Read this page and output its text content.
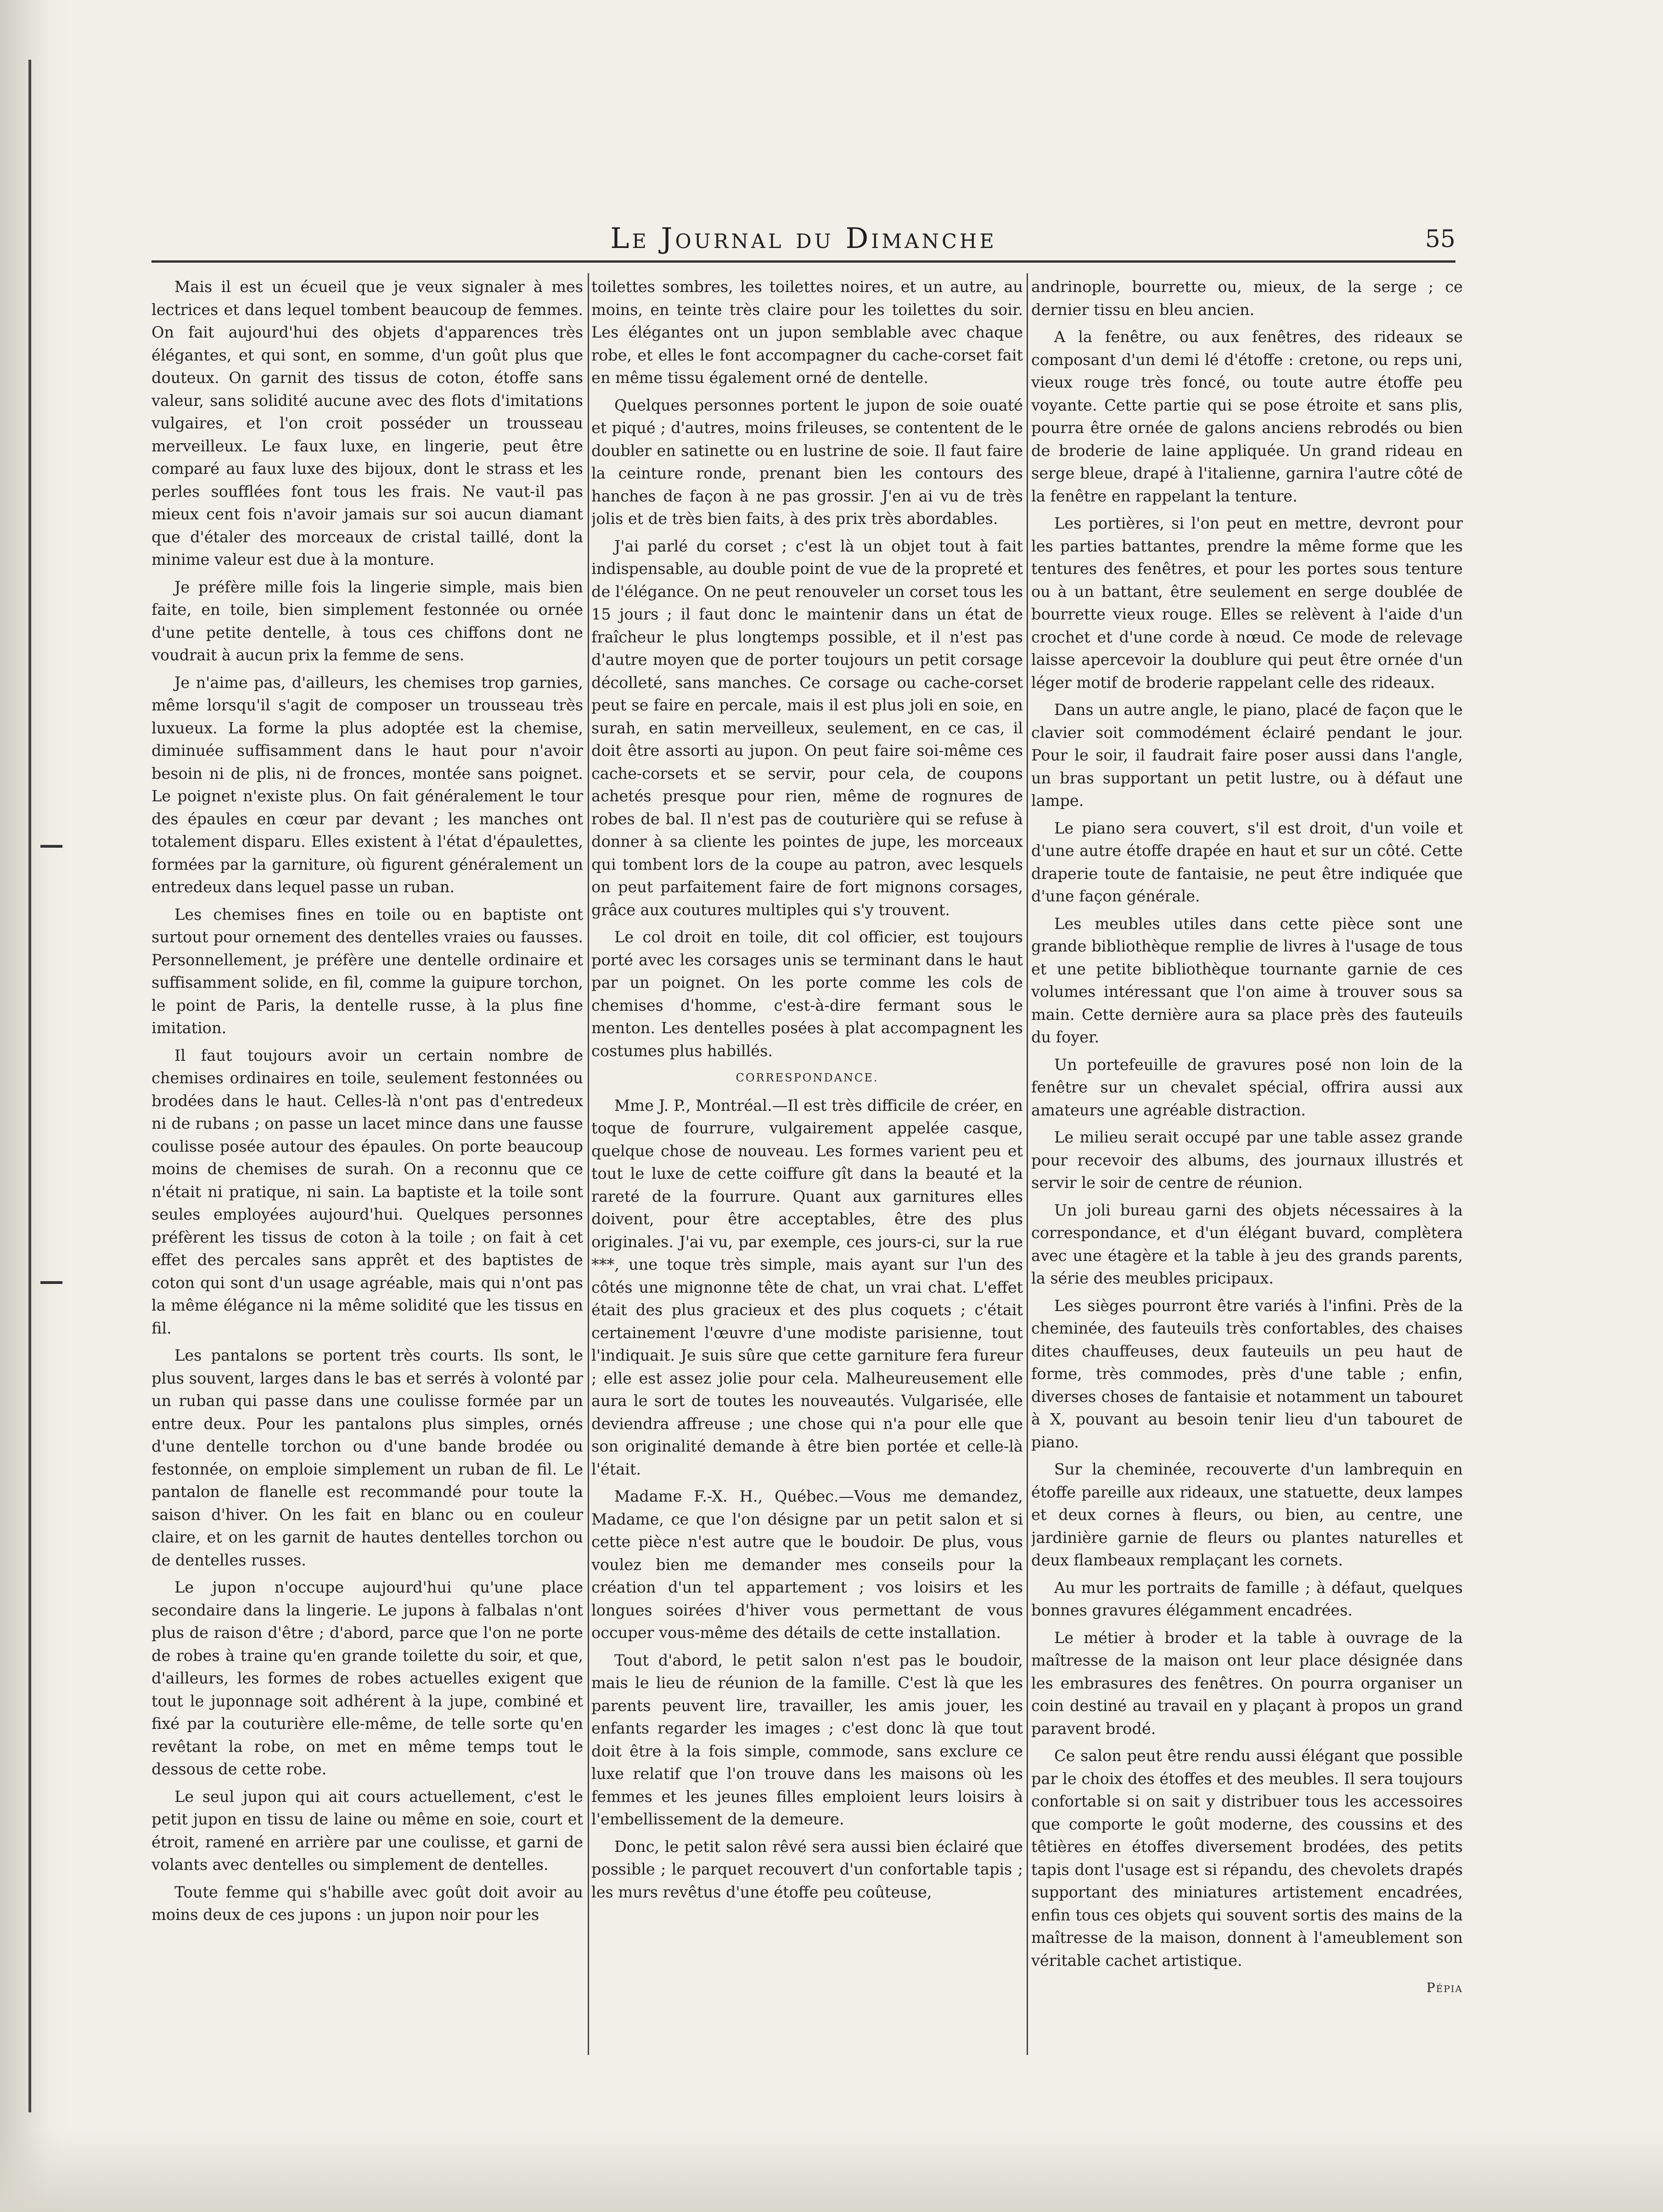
Le Journal du Dimanche	55

Mais il est un écueil que je veux signaler à mes lectrices et dans lequel tombent beaucoup de femmes. On fait aujourd'hui des objets d'apparences très élégantes, et qui sont, en somme, d'un goût plus que douteux. On garnit des tissus de coton, étoffe sans valeur, sans solidité aucune avec des flots d'imitations vulgaires, et l'on croit posséder un trousseau merveilleux. Le faux luxe, en lingerie, peut être comparé au faux luxe des bijoux, dont le strass et les perles soufflées font tous les frais. Ne vaut-il pas mieux cent fois n'avoir jamais sur soi aucun diamant que d'étaler des morceaux de cristal taillé, dont la minime valeur est due à la monture.

Je préfère mille fois la lingerie simple, mais bien faite, en toile, bien simplement festonnée ou ornée d'une petite dentelle, à tous ces chiffons dont ne voudrait à aucun prix la femme de sens.

Je n'aime pas, d'ailleurs, les chemises trop garnies, même lorsqu'il s'agit de composer un trousseau très luxueux. La forme la plus adoptée est la chemise, diminuée suffisamment dans le haut pour n'avoir besoin ni de plis, ni de fronces, montée sans poignet. Le poignet n'existe plus. On fait généralement le tour des épaules en cœur par devant ; les manches ont totalement disparu. Elles existent à l'état d'épaulettes, formées par la garniture, où figurent généralement un entredeux dans lequel passe un ruban.

Les chemises fines en toile ou en baptiste ont surtout pour ornement des dentelles vraies ou fausses. Personnellement, je préfère une dentelle ordinaire et suffisamment solide, en fil, comme la guipure torchon, le point de Paris, la dentelle russe, à la plus fine imitation.

Il faut toujours avoir un certain nombre de chemises ordinaires en toile, seulement festonnées ou brodées dans le haut. Celles-là n'ont pas d'entredeux ni de rubans ; on passe un lacet mince dans une fausse coulisse posée autour des épaules. On porte beaucoup moins de chemises de surah. On a reconnu que ce n'était ni pratique, ni sain. La baptiste et la toile sont seules employées aujourd'hui. Quelques personnes préfèrent les tissus de coton à la toile ; on fait à cet effet des percales sans apprêt et des baptistes de coton qui sont d'un usage agréable, mais qui n'ont pas la même élégance ni la même solidité que les tissus en fil.

Les pantalons se portent très courts. Ils sont, le plus souvent, larges dans le bas et serrés à volonté par un ruban qui passe dans une coulisse formée par un entre deux. Pour les pantalons plus simples, ornés d'une dentelle torchon ou d'une bande brodée ou festonnée, on emploie simplement un ruban de fil. Le pantalon de flanelle est recommandé pour toute la saison d'hiver. On les fait en blanc ou en couleur claire, et on les garnit de hautes dentelles torchon ou de dentelles russes.

Le jupon n'occupe aujourd'hui qu'une place secondaire dans la lingerie. Le jupons à falbalas n'ont plus de raison d'être ; d'abord, parce que l'on ne porte de robes à traine qu'en grande toilette du soir, et que, d'ailleurs, les formes de robes actuelles exigent que tout le juponnage soit adhérent à la jupe, combiné et fixé par la couturière elle-même, de telle sorte qu'en revêtant la robe, on met en même temps tout le dessous de cette robe.

Le seul jupon qui ait cours actuellement, c'est le petit jupon en tissu de laine ou même en soie, court et étroit, ramené en arrière par une coulisse, et garni de volants avec dentelles ou simplement de dentelles.

Toute femme qui s'habille avec goût doit avoir au moins deux de ces jupons : un jupon noir pour les

toilettes sombres, les toilettes noires, et un autre, au moins, en teinte très claire pour les toilettes du soir. Les élégantes ont un jupon semblable avec chaque robe, et elles le font accompagner du cache-corset fait en même tissu également orné de dentelle.

Quelques personnes portent le jupon de soie ouaté et piqué ; d'autres, moins frileuses, se contentent de le doubler en satinette ou en lustrine de soie. Il faut faire la ceinture ronde, prenant bien les contours des hanches de façon à ne pas grossir. J'en ai vu de très jolis et de très bien faits, à des prix très abordables.

J'ai parlé du corset ; c'est là un objet tout à fait indispensable, au double point de vue de la propreté et de l'élégance. On ne peut renouveler un corset tous les 15 jours ; il faut donc le maintenir dans un état de fraîcheur le plus longtemps possible, et il n'est pas d'autre moyen que de porter toujours un petit corsage décolleté, sans manches. Ce corsage ou cache-corset peut se faire en percale, mais il est plus joli en soie, en surah, en satin merveilleux, seulement, en ce cas, il doit être assorti au jupon. On peut faire soi-même ces cache-corsets et se servir, pour cela, de coupons achetés presque pour rien, même de rognures de robes de bal. Il n'est pas de couturière qui se refuse à donner à sa cliente les pointes de jupe, les morceaux qui tombent lors de la coupe au patron, avec lesquels on peut parfaitement faire de fort mignons corsages, grâce aux coutures multiples qui s'y trouvent.

Le col droit en toile, dit col officier, est toujours porté avec les corsages unis se terminant dans le haut par un poignet. On les porte comme les cols de chemises d'homme, c'est-à-dire fermant sous le menton. Les dentelles posées à plat accompagnent les costumes plus habillés.

CORRESPONDANCE.

Mme J. P., Montréal.—Il est très difficile de créer, en toque de fourrure, vulgairement appelée casque, quelque chose de nouveau. Les formes varient peu et tout le luxe de cette coiffure gît dans la beauté et la rareté de la fourrure. Quant aux garnitures elles doivent, pour être acceptables, être des plus originales. J'ai vu, par exemple, ces jours-ci, sur la rue ***, une toque très simple, mais ayant sur l'un des côtés une mignonne tête de chat, un vrai chat. L'effet était des plus gracieux et des plus coquets ; c'était certainement l'œuvre d'une modiste parisienne, tout l'indiquait. Je suis sûre que cette garniture fera fureur ; elle est assez jolie pour cela. Malheureusement elle aura le sort de toutes les nouveautés. Vulgarisée, elle deviendra affreuse ; une chose qui n'a pour elle que son originalité demande à être bien portée et celle-là l'était.

Madame F.-X. H., Québec.—Vous me demandez, Madame, ce que l'on désigne par un petit salon et si cette pièce n'est autre que le boudoir. De plus, vous voulez bien me demander mes conseils pour la création d'un tel appartement ; vos loisirs et les longues soirées d'hiver vous permettant de vous occuper vous-même des détails de cette installation.

Tout d'abord, le petit salon n'est pas le boudoir, mais le lieu de réunion de la famille. C'est là que les parents peuvent lire, travailler, les amis jouer, les enfants regarder les images ; c'est donc là que tout doit être à la fois simple, commode, sans exclure ce luxe relatif que l'on trouve dans les maisons où les femmes et les jeunes filles emploient leurs loisirs à l'embellissement de la demeure.

Donc, le petit salon rêvé sera aussi bien éclairé que possible ; le parquet recouvert d'un confortable tapis ; les murs revêtus d'une étoffe peu coûteuse,

andrinople, bourrette ou, mieux, de la serge ; ce dernier tissu en bleu ancien.

A la fenêtre, ou aux fenêtres, des rideaux se composant d'un demi lé d'étoffe : cretone, ou reps uni, vieux rouge très foncé, ou toute autre étoffe peu voyante. Cette partie qui se pose étroite et sans plis, pourra être ornée de galons anciens rebrodés ou bien de broderie de laine appliquée. Un grand rideau en serge bleue, drapé à l'italienne, garnira l'autre côté de la fenêtre en rappelant la tenture.

Les portières, si l'on peut en mettre, devront pour les parties battantes, prendre la même forme que les tentures des fenêtres, et pour les portes sous tenture ou à un battant, être seulement en serge doublée de bourrette vieux rouge. Elles se relèvent à l'aide d'un crochet et d'une corde à nœud. Ce mode de relevage laisse apercevoir la doublure qui peut être ornée d'un léger motif de broderie rappelant celle des rideaux.

Dans un autre angle, le piano, placé de façon que le clavier soit commodément éclairé pendant le jour. Pour le soir, il faudrait faire poser aussi dans l'angle, un bras supportant un petit lustre, ou à défaut une lampe.

Le piano sera couvert, s'il est droit, d'un voile et d'une autre étoffe drapée en haut et sur un côté. Cette draperie toute de fantaisie, ne peut être indiquée que d'une façon générale.

Les meubles utiles dans cette pièce sont une grande bibliothèque remplie de livres à l'usage de tous et une petite bibliothèque tournante garnie de ces volumes intéressant que l'on aime à trouver sous sa main. Cette dernière aura sa place près des fauteuils du foyer.

Un portefeuille de gravures posé non loin de la fenêtre sur un chevalet spécial, offrira aussi aux amateurs une agréable distraction.

Le milieu serait occupé par une table assez grande pour recevoir des albums, des journaux illustrés et servir le soir de centre de réunion.

Un joli bureau garni des objets nécessaires à la correspondance, et d'un élégant buvard, complètera avec une étagère et la table à jeu des grands parents, la série des meubles pricipaux.

Les sièges pourront être variés à l'infini. Près de la cheminée, des fauteuils très confortables, des chaises dites chauffeuses, deux fauteuils un peu haut de forme, très commodes, près d'une table ; enfin, diverses choses de fantaisie et notamment un tabouret à X, pouvant au besoin tenir lieu d'un tabouret de piano.

Sur la cheminée, recouverte d'un lambrequin en étoffe pareille aux rideaux, une statuette, deux lampes et deux cornes à fleurs, ou bien, au centre, une jardinière garnie de fleurs ou plantes naturelles et deux flambeaux remplaçant les cornets.

Au mur les portraits de famille ; à défaut, quelques bonnes gravures élégamment encadrées.

Le métier à broder et la table à ouvrage de la maîtresse de la maison ont leur place désignée dans les embrasures des fenêtres. On pourra organiser un coin destiné au travail en y plaçant à propos un grand paravent brodé.

Ce salon peut être rendu aussi élégant que possible par le choix des étoffes et des meubles. Il sera toujours confortable si on sait y distribuer tous les accessoires que comporte le goût moderne, des coussins et des têtières en étoffes diversement brodées, des petits tapis dont l'usage est si répandu, des chevolets drapés supportant des miniatures artistement encadrées, enfin tous ces objets qui souvent sortis des mains de la maîtresse de la maison, donnent à l'ameublement son véritable cachet artistique.

Pépia
